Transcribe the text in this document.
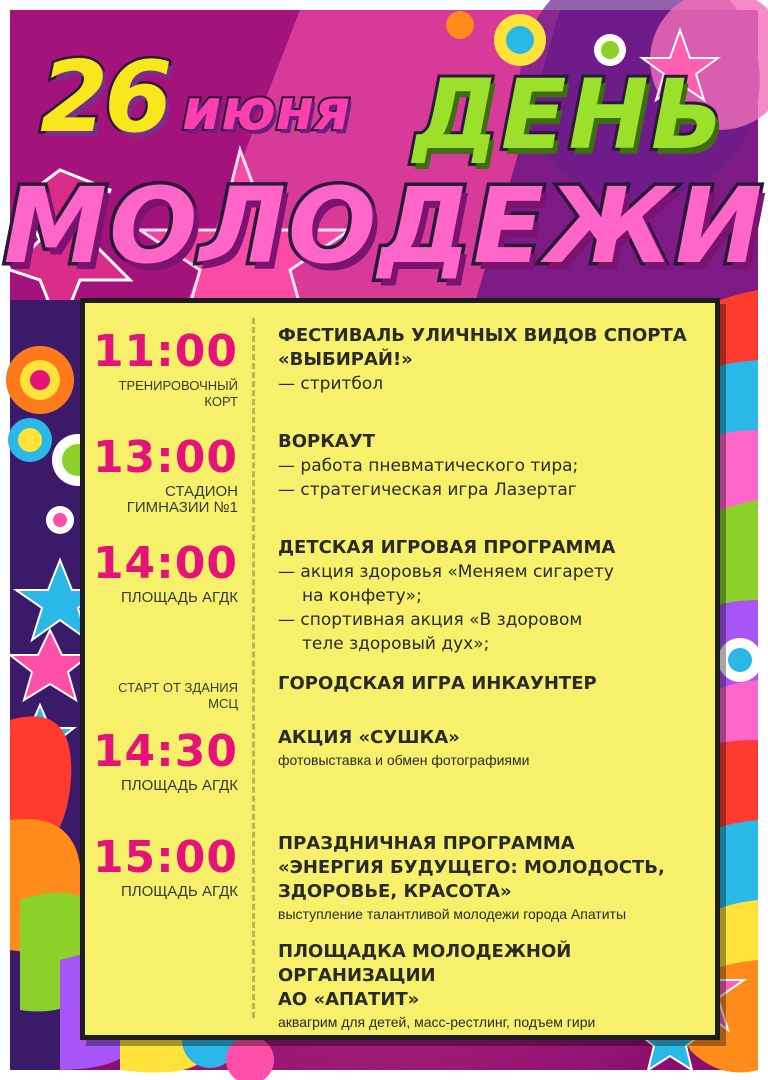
26 июня ДЕНЬ
МОЛОДЕЖИ
11:00
ТРЕНИРОВОЧНЫЙ КОРТ
ФЕСТИВАЛЬ УЛИЧНЫХ ВИДОВ СПОРТА
«ВЫБИРАЙ!»
— стритбол
13:00
СТАДИОН ГИМНАЗИИ №1
ВОРКАУТ
— работа пневматического тира;
— стратегическая игра Лазертаг
14:00
ПЛОЩАДЬ АГДК
ДЕТСКАЯ ИГРОВАЯ ПРОГРАММА
— акция здоровья «Меняем сигарету
на конфету»;
— спортивная акция «В здоровом
теле здоровый дух»;
СТАРТ ОТ ЗДАНИЯ МСЦ
ГОРОДСКАЯ ИГРА ИНКАУНТЕР
14:30
ПЛОЩАДЬ АГДК
АКЦИЯ «СУШКА»
фотовыставка и обмен фотографиями
15:00
ПЛОЩАДЬ АГДК
ПРАЗДНИЧНАЯ ПРОГРАММА
«ЭНЕРГИЯ БУДУЩЕГО: МОЛОДОСТЬ,
ЗДОРОВЬЕ, КРАСОТА»
выступление талантливой молодежи города Апатиты
ПЛОЩАДКА МОЛОДЕЖНОЙ ОРГАНИЗАЦИИ
АО «АПАТИТ»
аквагрим для детей, масс-рестлинг, подъем гири
